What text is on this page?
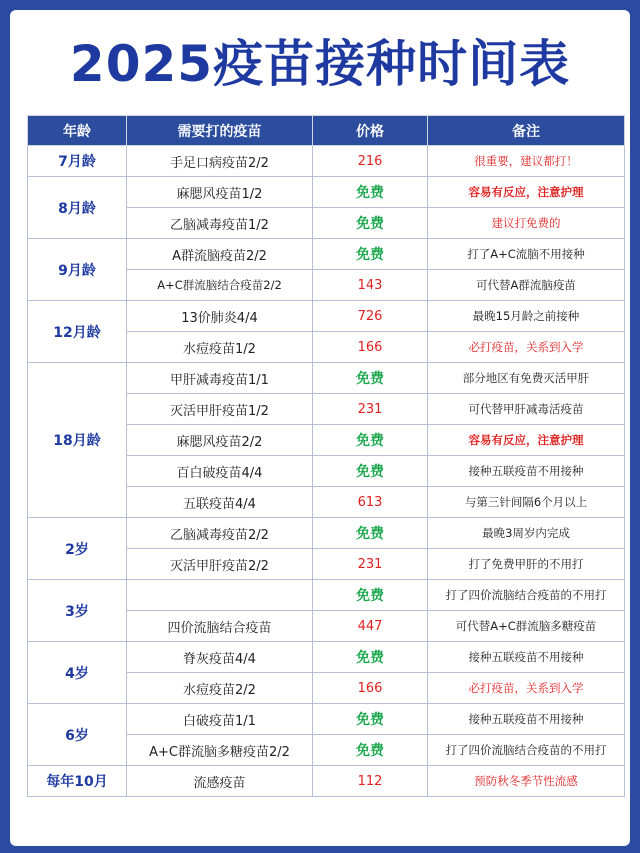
2025疫苗接种时间表
年龄	需要打的疫苗	价格	备注
7月龄	手足口病疫苗2/2	216	很重要，建议都打！
8月龄	麻腮风疫苗1/2	免费	容易有反应，注意护理
	乙脑减毒疫苗1/2	免费	建议打免费的
9月龄	A群流脑疫苗2/2	免费	打了A+C流脑不用接种
	A+C群流脑结合疫苗2/2	143	可代替A群流脑疫苗
12月龄	13价肺炎4/4	726	最晚15月龄之前接种
	水痘疫苗1/2	166	必打疫苗，关系到入学
18月龄	甲肝减毒疫苗1/1	免费	部分地区有免费灭活甲肝
	灭活甲肝疫苗1/2	231	可代替甲肝减毒活疫苗
	麻腮风疫苗2/2	免费	容易有反应，注意护理
	百白破疫苗4/4	免费	接种五联疫苗不用接种
	五联疫苗4/4	613	与第三针间隔6个月以上
2岁	乙脑减毒疫苗2/2	免费	最晚3周岁内完成
	灭活甲肝疫苗2/2	231	打了免费甲肝的不用打
3岁		免费	打了四价流脑结合疫苗的不用打
	四价流脑结合疫苗	447	可代替A+C群流脑多糖疫苗
4岁	脊灰疫苗4/4	免费	接种五联疫苗不用接种
	水痘疫苗2/2	166	必打疫苗，关系到入学
6岁	白破疫苗1/1	免费	接种五联疫苗不用接种
	A+C群流脑多糖疫苗2/2	免费	打了四价流脑结合疫苗的不用打
每年10月	流感疫苗	112	预防秋冬季节性流感
